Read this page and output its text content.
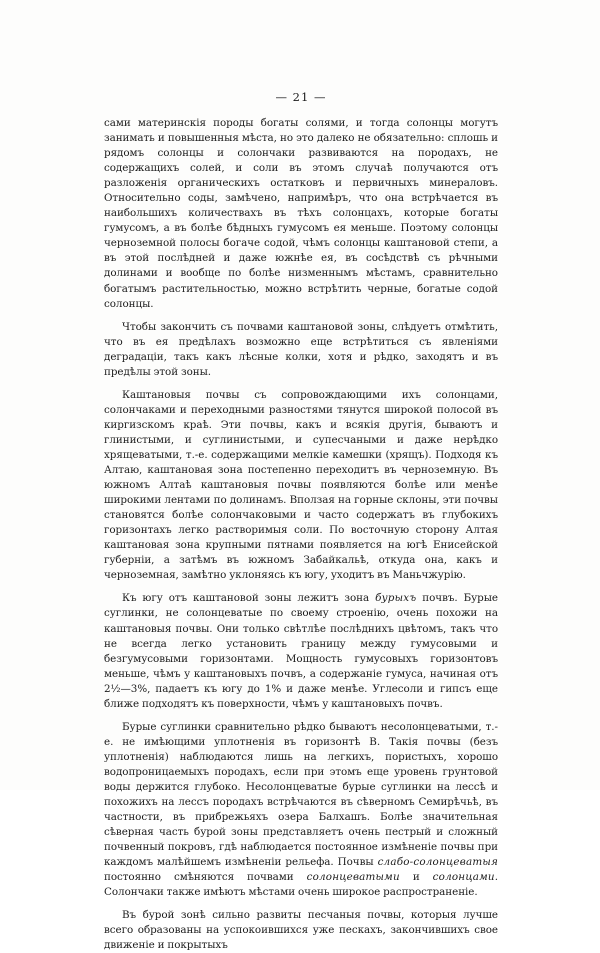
— 21 —

сами материнскія породы богаты солями, и тогда солонцы могутъ занимать и повышенныя мѣста, но это далеко не обязательно: сплошь и рядомъ солонцы и солончаки развиваются на породахъ, не содержащихъ солей, и соли въ этомъ случаѣ получаются отъ разложенія органическихъ остатковъ и первичныхъ минераловъ. Относительно соды, замѣчено, напримѣръ, что она встрѣчается въ наибольшихъ количествахъ въ тѣхъ солонцахъ, которые богаты гумусомъ, а въ болѣе бѣдныхъ гумусомъ ея меньше. Поэтому солонцы черноземной полосы богаче содой, чѣмъ солонцы каштановой степи, а въ этой послѣдней и даже южнѣе ея, въ сосѣдствѣ съ рѣчными долинами и вообще по болѣе низменнымъ мѣстамъ, сравнительно богатымъ растительностью, можно встрѣтить черные, богатые содой солонцы.

Чтобы закончить съ почвами каштановой зоны, слѣдуетъ отмѣтить, что въ ея предѣлахъ возможно еще встрѣтиться съ явленіями деградаціи, такъ какъ лѣсные колки, хотя и рѣдко, заходятъ и въ предѣлы этой зоны.

Каштановыя почвы съ сопровождающими ихъ солонцами, солончаками и переходными разностями тянутся широкой полосой въ киргизскомъ краѣ. Эти почвы, какъ и всякія другія, бываютъ и глинистыми, и суглинистыми, и супесчаными и даже нерѣдко хрящеватыми, т.-е. содержащими мелкіе камешки (хрящъ). Подходя къ Алтаю, каштановая зона постепенно переходитъ въ черноземную. Въ южномъ Алтаѣ каштановыя почвы появляются болѣе или менѣе широкими лентами по долинамъ. Вползая на горные склоны, эти почвы становятся болѣе солончаковыми и часто содержатъ въ глубокихъ горизонтахъ легко растворимыя соли. По восточную сторону Алтая каштановая зона крупными пятнами появляется на югѣ Енисейской губерніи, а затѣмъ въ южномъ Забайкальѣ, откуда она, какъ и черноземная, замѣтно уклоняясь къ югу, уходитъ въ Маньчжурію.

Къ югу отъ каштановой зоны лежитъ зона бурыхъ почвъ. Бурые суглинки, не солонцеватые по своему строенію, очень похожи на каштановыя почвы. Они только свѣтлѣе послѣднихъ цвѣтомъ, такъ что не всегда легко установить границу между гумусовыми и безгумусовыми горизонтами. Мощность гумусовыхъ горизонтовъ меньше, чѣмъ у каштановыхъ почвъ, а содержаніе гумуса, начиная отъ 2½—3%, падаетъ къ югу до 1% и даже менѣе. Углесоли и гипсъ еще ближе подходятъ къ поверхности, чѣмъ у каштановыхъ почвъ.

Бурые суглинки сравнительно рѣдко бываютъ несолонцеватыми, т.-е. не имѣющими уплотненія въ горизонтѣ B. Такія почвы (безъ уплотненія) наблюдаются лишь на легкихъ, пористыхъ, хорошо водопроницаемыхъ породахъ, если при этомъ еще уровень грунтовой воды держится глубоко. Несолонцеватые бурые суглинки на лессѣ и похожихъ на лессъ породахъ встрѣчаются въ сѣверномъ Семирѣчьѣ, въ частности, въ прибрежьяхъ озера Балхашъ. Болѣе значительная сѣверная часть бурой зоны представляетъ очень пестрый и сложный почвенный покровъ, гдѣ наблюдается постоянное измѣненіе почвы при каждомъ малѣйшемъ измѣненіи рельефа. Почвы слабо-солонцеватыя постоянно смѣняются почвами солонцеватыми и солонцами. Солончаки также имѣютъ мѣстами очень широкое распространеніе.

Въ бурой зонѣ сильно развиты песчаныя почвы, которыя лучше всего образованы на успокоившихся уже пескахъ, закончившихъ свое движеніе и покрытыхъ
